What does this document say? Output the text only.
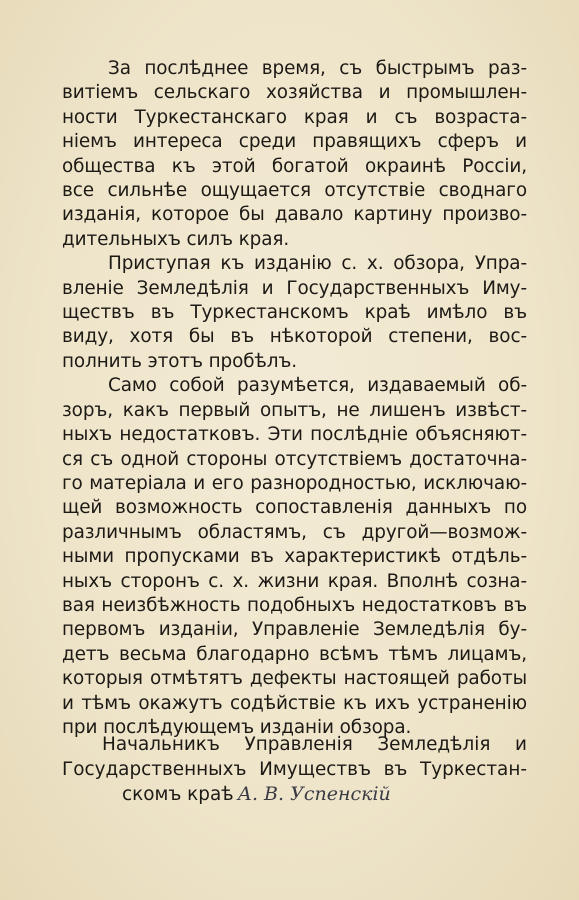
За послѣднее время, съ быстрымъ раз-
витіемъ сельскаго хозяйства и промышлен-
ности Туркестанскаго края и съ возраста-
ніемъ интереса среди правящихъ сферъ и
общества къ этой богатой окраинѣ Россіи,
все сильнѣе ощущается отсутствіе своднаго
изданія, которое бы давало картину произво-
дительныхъ силъ края.
Приступая къ изданію с. х. обзора, Упра-
вленіе Земледѣлія и Государственныхъ Иму-
ществъ въ Туркестанскомъ краѣ имѣло въ
виду, хотя бы въ нѣкоторой степени, вос-
полнить этотъ пробѣлъ.
Само собой разумѣется, издаваемый об-
зоръ, какъ первый опытъ, не лишенъ извѣст-
ныхъ недостатковъ. Эти послѣдніе объясняют-
ся съ одной стороны отсутствіемъ достаточна-
го матеріала и его разнородностью, исключаю-
щей возможность сопоставленія данныхъ по
различнымъ областямъ, съ другой—возмож-
ными пропусками въ характеристикѣ отдѣль-
ныхъ сторонъ с. х. жизни края. Вполнѣ созна-
вая неизбѣжность подобныхъ недостатковъ въ
первомъ изданіи, Управленіе Земледѣлія бу-
детъ весьма благодарно всѣмъ тѣмъ лицамъ,
которыя отмѣтятъ дефекты настоящей работы
и тѣмъ окажутъ содѣйствіе къ ихъ устраненію
при послѣдующемъ изданіи обзора.
Начальникъ Управленія Земледѣлія и
Государственныхъ Имуществъ въ Туркестан-
скомъ краѣ А. В. Успенскій
